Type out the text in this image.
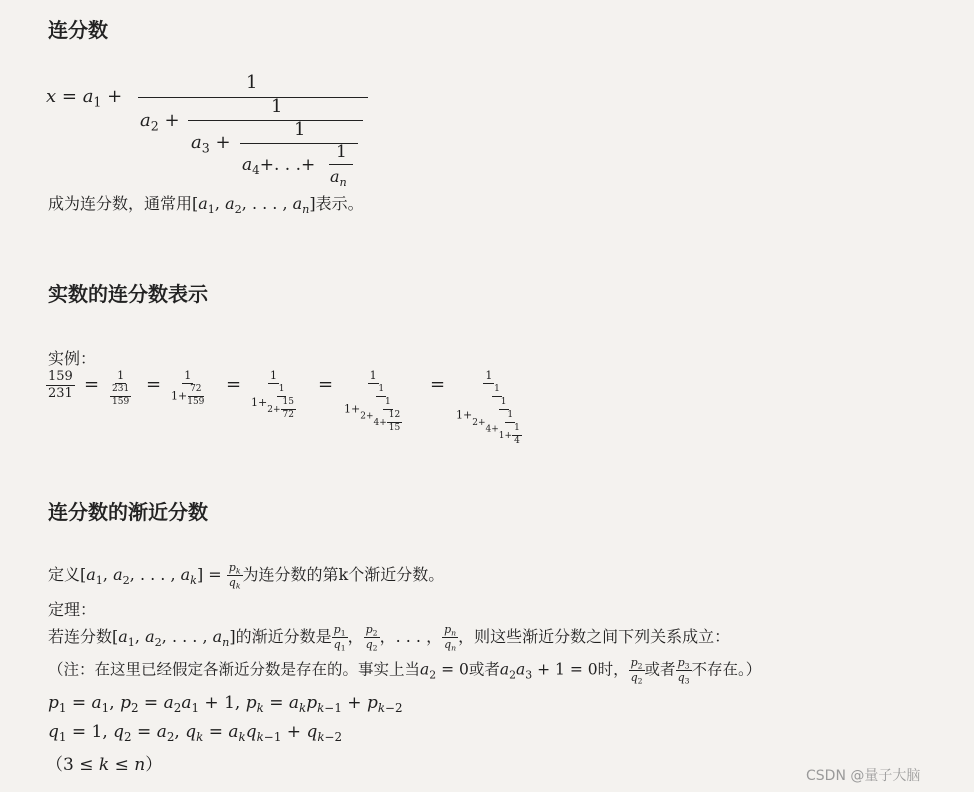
连分数
$x = a_1$ +
1
$a_2$ +
1
$a_3$ +
1
$a_4+$. . .+
1
$a_n$
成为连分数，通常用[$a_1$, $a_2$, . . . , $a_n$]表示。
实数的连分数表示
实例：
159
231 = 1
$\frac{231}{159}$
= 1
$1+ \frac{72}{159}$
=	1
$1+ \frac{1}{2+ \frac{15}{72}}$
=	1
$1+ \frac{1}{2+ \frac{1}{4+ \frac{12}{15}}}$
=	1
$1+ \frac{1}{2+ \frac{1}{4+ \frac{1}{1+ \frac{1}{4}}}}$
连分数的渐近分数
定义[$a_1$, $a_2$, . . . , $a_k] = \frac{p_k}{q_k}$ 为连分数的第k个渐近分数。
定理：
若连分数[$a_1$, $a_2$, . . . , $a_n$]的渐近分数是 $\frac{p_1}{q_1}$ ， $\frac{p_2}{q_2}$ ，. . . ， $\frac{p_n}{q_n}$ ，则这些渐近分数之间下列关系成立：
（注：在这里已经假定各渐近分数是存在的。事实上当$a_2 = 0$或者$a_2a_3 + 1 = 0$时， $\frac{p_2}{q_2}$ 或者 $\frac{p_3}{q_3}$ 不存在。）
$p_1 = a_1$, $p_2 = a_2a_1 + 1$, $p_k = a_kp_{k-1} + p_{k-2}$
$q_1 = 1$, $q_2 = a_2$, $q_k = a_kq_{k-1} + q_{k-2}$
（3 ≤ k ≤ n）
CSDN @量子大脑
